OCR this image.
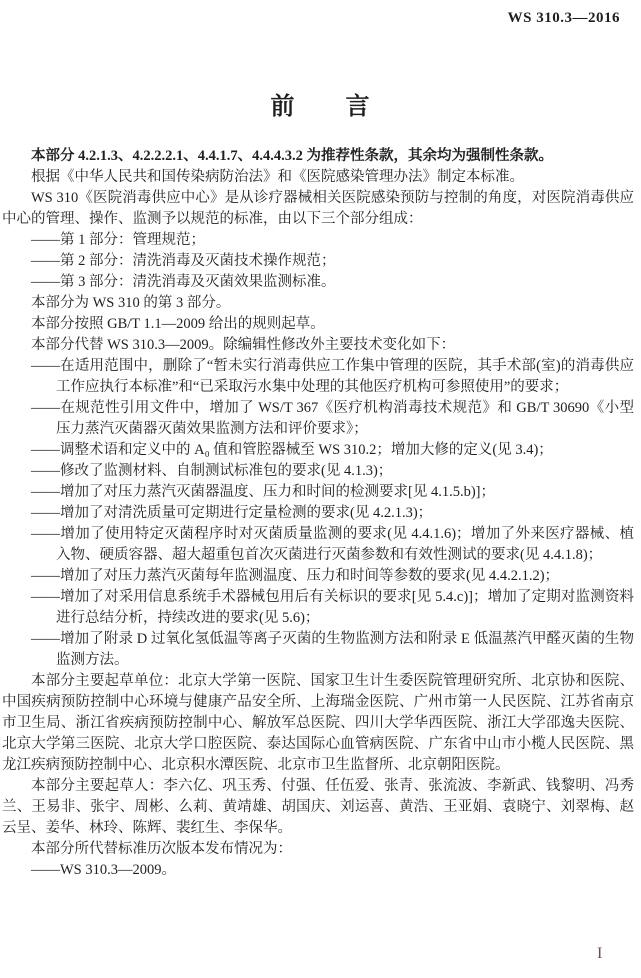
WS 310.3—2016
前　　言

本部分 4.2.1.3、4.2.2.2.1、4.4.1.7、4.4.4.3.2 为推荐性条款，其余均为强制性条款。

根据《中华人民共和国传染病防治法》和《医院感染管理办法》制定本标准。

WS 310《医院消毒供应中心》是从诊疗器械相关医院感染预防与控制的角度，对医院消毒供应中心的管理、操作、监测予以规范的标准，由以下三个部分组成：

——第 1 部分：管理规范；

——第 2 部分：清洗消毒及灭菌技术操作规范；

——第 3 部分：清洗消毒及灭菌效果监测标准。

本部分为 WS 310 的第 3 部分。

本部分按照 GB/T 1.1—2009 给出的规则起草。

本部分代替 WS 310.3—2009。除编辑性修改外主要技术变化如下：

——在适用范围中，删除了“暂未实行消毒供应工作集中管理的医院，其手术部(室)的消毒供应工作应执行本标准”和“已采取污水集中处理的其他医疗机构可参照使用”的要求；

——在规范性引用文件中，增加了 WS/T 367《医疗机构消毒技术规范》和 GB/T 30690《小型压力蒸汽灭菌器灭菌效果监测方法和评价要求》；

——调整术语和定义中的 A₀ 值和管腔器械至 WS 310.2；增加大修的定义(见 3.4)；

——修改了监测材料、自制测试标准包的要求(见 4.1.3)；

——增加了对压力蒸汽灭菌器温度、压力和时间的检测要求[见 4.1.5.b)]；

——增加了对清洗质量可定期进行定量检测的要求(见 4.2.1.3)；

——增加了使用特定灭菌程序时对灭菌质量监测的要求(见 4.4.1.6)；增加了外来医疗器械、植入物、硬质容器、超大超重包首次灭菌进行灭菌参数和有效性测试的要求(见 4.4.1.8)；

——增加了对压力蒸汽灭菌每年监测温度、压力和时间等参数的要求(见 4.4.2.1.2)；

——增加了对采用信息系统手术器械包用后有关标识的要求[见 5.4.c)]；增加了定期对监测资料进行总结分析，持续改进的要求(见 5.6)；

——增加了附录 D 过氧化氢低温等离子灭菌的生物监测方法和附录 E 低温蒸汽甲醛灭菌的生物监测方法。

本部分主要起草单位：北京大学第一医院、国家卫生计生委医院管理研究所、北京协和医院、中国疾病预防控制中心环境与健康产品安全所、上海瑞金医院、广州市第一人民医院、江苏省南京市卫生局、浙江省疾病预防控制中心、解放军总医院、四川大学华西医院、浙江大学邵逸夫医院、北京大学第三医院、北京大学口腔医院、泰达国际心血管病医院、广东省中山市小榄人民医院、黑龙江疾病预防控制中心、北京积水潭医院、北京市卫生监督所、北京朝阳医院。

本部分主要起草人：李六亿、巩玉秀、付强、任伍爱、张青、张流波、李新武、钱黎明、冯秀兰、王易非、张宇、周彬、么莉、黄靖雄、胡国庆、刘运喜、黄浩、王亚娟、袁晓宁、刘翠梅、赵云呈、姜华、林玲、陈辉、裴红生、李保华。

本部分所代替标准历次版本发布情况为：

——WS 310.3—2009。

I
